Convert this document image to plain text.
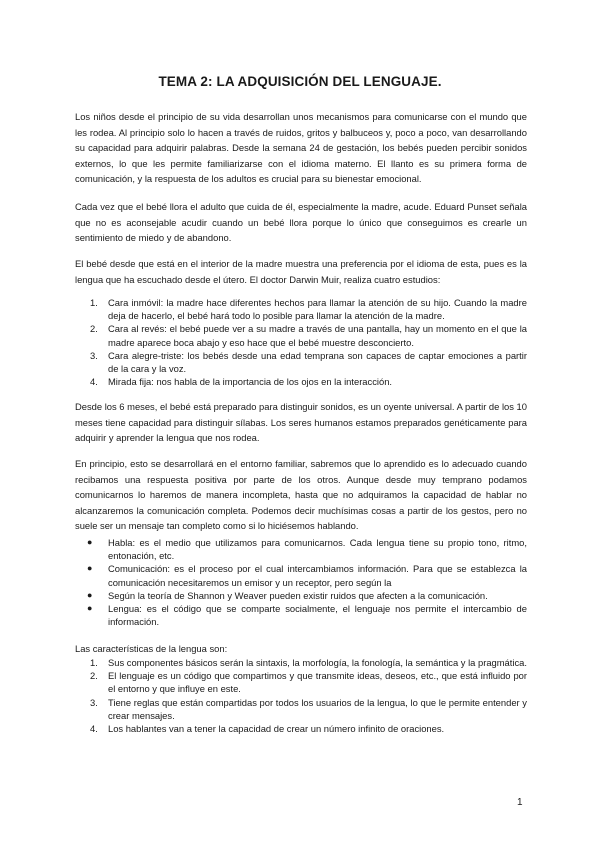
TEMA 2: LA ADQUISICIÓN DEL LENGUAJE.

Los niños desde el principio de su vida desarrollan unos mecanismos para comunicarse con el mundo que les rodea. Al principio solo lo hacen a través de ruidos, gritos y balbuceos y, poco a poco, van desarrollando su capacidad para adquirir palabras. Desde la semana 24 de gestación, los bebés pueden percibir sonidos externos, lo que les permite familiarizarse con el idioma materno. El llanto es su primera forma de comunicación, y la respuesta de los adultos es crucial para su bienestar emocional.

Cada vez que el bebé llora el adulto que cuida de él, especialmente la madre, acude. Eduard Punset señala que no es aconsejable acudir cuando un bebé llora porque lo único que conseguimos es crearle un sentimiento de miedo y de abandono.

El bebé desde que está en el interior de la madre muestra una preferencia por el idioma de esta, pues es la lengua que ha escuchado desde el útero. El doctor Darwin Muir, realiza cuatro estudios:

1. Cara inmóvil: la madre hace diferentes hechos para llamar la atención de su hijo. Cuando la madre deja de hacerlo, el bebé hará todo lo posible para llamar la atención de la madre.
2. Cara al revés: el bebé puede ver a su madre a través de una pantalla, hay un momento en el que la madre aparece boca abajo y eso hace que el bebé muestre desconcierto.
3. Cara alegre-triste: los bebés desde una edad temprana son capaces de captar emociones a partir de la cara y la voz.
4. Mirada fija: nos habla de la importancia de los ojos en la interacción.

Desde los 6 meses, el bebé está preparado para distinguir sonidos, es un oyente universal. A partir de los 10 meses tiene capacidad para distinguir sílabas. Los seres humanos estamos preparados genéticamente para adquirir y aprender la lengua que nos rodea.

En principio, esto se desarrollará en el entorno familiar, sabremos que lo aprendido es lo adecuado cuando recibamos una respuesta positiva por parte de los otros. Aunque desde muy temprano podamos comunicarnos lo haremos de manera incompleta, hasta que no adquiramos la capacidad de hablar no alcanzaremos la comunicación completa. Podemos decir muchísimas cosas a partir de los gestos, pero no suele ser un mensaje tan completo como si lo hiciésemos hablando.

● Habla: es el medio que utilizamos para comunicarnos. Cada lengua tiene su propio tono, ritmo, entonación, etc.
● Comunicación: es el proceso por el cual intercambiamos información. Para que se establezca la comunicación necesitaremos un emisor y un receptor, pero según la
● Según la teoría de Shannon y Weaver pueden existir ruidos que afecten a la comunicación.
● Lengua: es el código que se comparte socialmente, el lenguaje nos permite el intercambio de información.
Las características de la lengua son:
1. Sus componentes básicos serán la sintaxis, la morfología, la fonología, la semántica y la pragmática.
2. El lenguaje es un código que compartimos y que transmite ideas, deseos, etc., que está influido por el entorno y que influye en este.
3. Tiene reglas que están compartidas por todos los usuarios de la lengua, lo que le permite entender y crear mensajes.
4. Los hablantes van a tener la capacidad de crear un número infinito de oraciones.
1
